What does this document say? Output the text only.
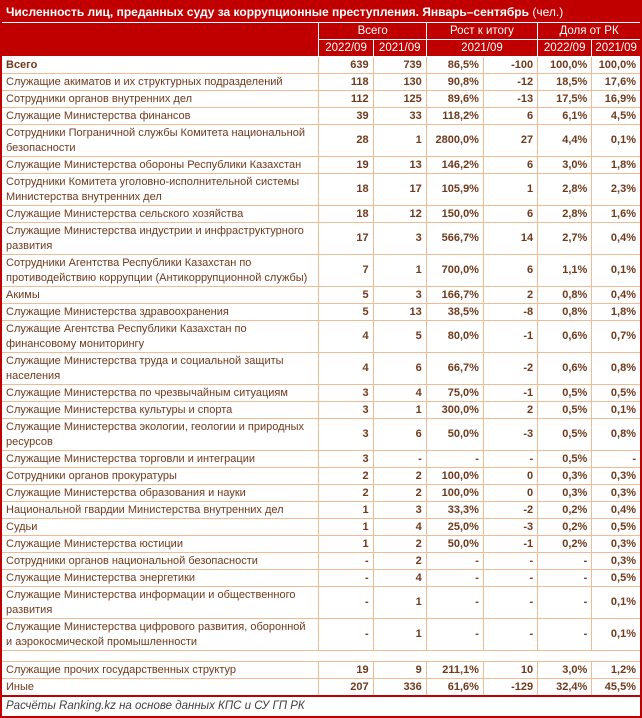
Численность лиц, преданных суду за коррупционные преступления. Январь–сентябрь (чел.)
	Всего		Рост к итогу		Доля от РК	
	2022/09	2021/09	2021/09		2022/09	2021/09
Всего	639	739	86,5%	-100	100,0%	100,0%
Служащие акиматов и их структурных подразделений	118	130	90,8%	-12	18,5%	17,6%
Сотрудники органов внутренних дел	112	125	89,6%	-13	17,5%	16,9%
Служащие Министерства финансов	39	33	118,2%	6	6,1%	4,5%
Сотрудники Пограничной службы Комитета национальной безопасности	28	1	2800,0%	27	4,4%	0,1%
Служащие Министерства обороны Республики Казахстан	19	13	146,2%	6	3,0%	1,8%
Сотрудники Комитета уголовно-исполнительной системы Министерства внутренних дел	18	17	105,9%	1	2,8%	2,3%
Служащие Министерства сельского хозяйства	18	12	150,0%	6	2,8%	1,6%
Служащие Министерства индустрии и инфраструктурного развития	17	3	566,7%	14	2,7%	0,4%
Сотрудники Агентства Республики Казахстан по противодействию коррупции (Антикоррупционной службы)	7	1	700,0%	6	1,1%	0,1%
Акимы	5	3	166,7%	2	0,8%	0,4%
Служащие Министерства здравоохранения	5	13	38,5%	-8	0,8%	1,8%
Служащие Агентства Республики Казахстан по финансовому мониторингу	4	5	80,0%	-1	0,6%	0,7%
Служащие Министерства труда и социальной защиты населения	4	6	66,7%	-2	0,6%	0,8%
Служащие Министерства по чрезвычайным ситуациям	3	4	75,0%	-1	0,5%	0,5%
Служащие Министерства культуры и спорта	3	1	300,0%	2	0,5%	0,1%
Служащие Министерства экологии, геологии и природных ресурсов	3	6	50,0%	-3	0,5%	0,8%
Служащие Министерства торговли и интеграции	3	-	-	-	0,5%	-
Сотрудники органов прокуратуры	2	2	100,0%	0	0,3%	0,3%
Служащие Министерства образования и науки	2	2	100,0%	0	0,3%	0,3%
Национальной гвардии Министерства внутренних дел	1	3	33,3%	-2	0,2%	0,4%
Судьи	1	4	25,0%	-3	0,2%	0,5%
Служащие Министерства юстиции	1	2	50,0%	-1	0,2%	0,3%
Сотрудники органов национальной безопасности	-	2	-	-	-	0,3%
Служащие Министерства энергетики	-	4	-	-	-	0,5%
Служащие Министерства информации и общественного развития	-	1	-	-	-	0,1%
Служащие Министерства цифрового развития, оборонной и аэрокосмической промышленности	-	1	-	-	-	0,1%

Служащие прочих государственных структур	19	9	211,1%	10	3,0%	1,2%
Иные	207	336	61,6%	-129	32,4%	45,5%
Расчёты Ranking.kz на основе данных КПС и СУ ГП РК
